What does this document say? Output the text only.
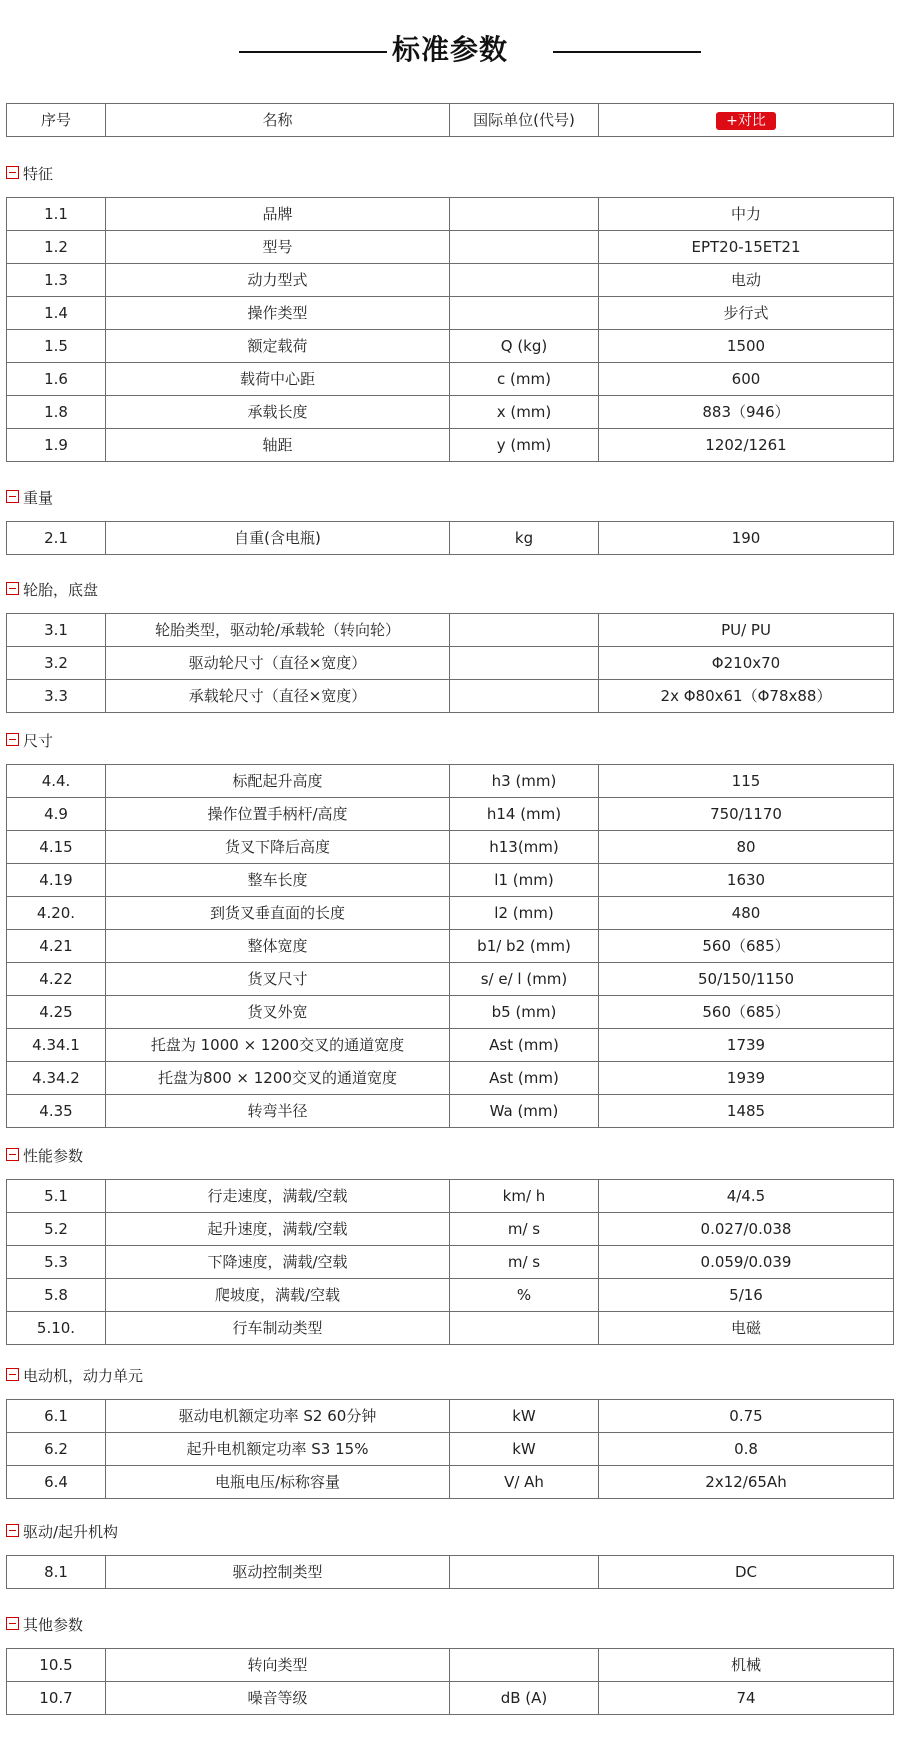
标准参数
序号	名称	国际单位(代号)	+对比
特征
1.1	品牌		中力
1.2	型号		EPT20-15ET21
1.3	动力型式		电动
1.4	操作类型		步行式
1.5	额定载荷	Q (kg)	1500
1.6	载荷中心距	c (mm)	600
1.8	承载长度	x (mm)	883（946）
1.9	轴距	y (mm)	1202/1261
重量
2.1	自重(含电瓶)	kg	190
轮胎，底盘
3.1	轮胎类型，驱动轮/承载轮（转向轮）		PU/ PU
3.2	驱动轮尺寸（直径×宽度）		Φ210x70
3.3	承载轮尺寸（直径×宽度）		2x Φ80x61（Φ78x88）
尺寸
4.4.	标配起升高度	h3 (mm)	115
4.9	操作位置手柄杆/高度	h14 (mm)	750/1170
4.15	货叉下降后高度	h13(mm)	80
4.19	整车长度	l1 (mm)	1630
4.20.	到货叉垂直面的长度	l2 (mm)	480
4.21	整体宽度	b1/ b2 (mm)	560（685）
4.22	货叉尺寸	s/ e/ l (mm)	50/150/1150
4.25	货叉外宽	b5 (mm)	560（685）
4.34.1	托盘为 1000 × 1200交叉的通道宽度	Ast (mm)	1739
4.34.2	托盘为800 × 1200交叉的通道宽度	Ast (mm)	1939
4.35	转弯半径	Wa (mm)	1485
性能参数
5.1	行走速度，满载/空载	km/ h	4/4.5
5.2	起升速度，满载/空载	m/ s	0.027/0.038
5.3	下降速度，满载/空载	m/ s	0.059/0.039
5.8	爬坡度，满载/空载	%	5/16
5.10.	行车制动类型		电磁
电动机，动力单元
6.1	驱动电机额定功率 S2 60分钟	kW	0.75
6.2	起升电机额定功率 S3 15%	kW	0.8
6.4	电瓶电压/标称容量	V/ Ah	2x12/65Ah
驱动/起升机构
8.1	驱动控制类型		DC
其他参数
10.5	转向类型		机械
10.7	噪音等级	dB (A)	74
